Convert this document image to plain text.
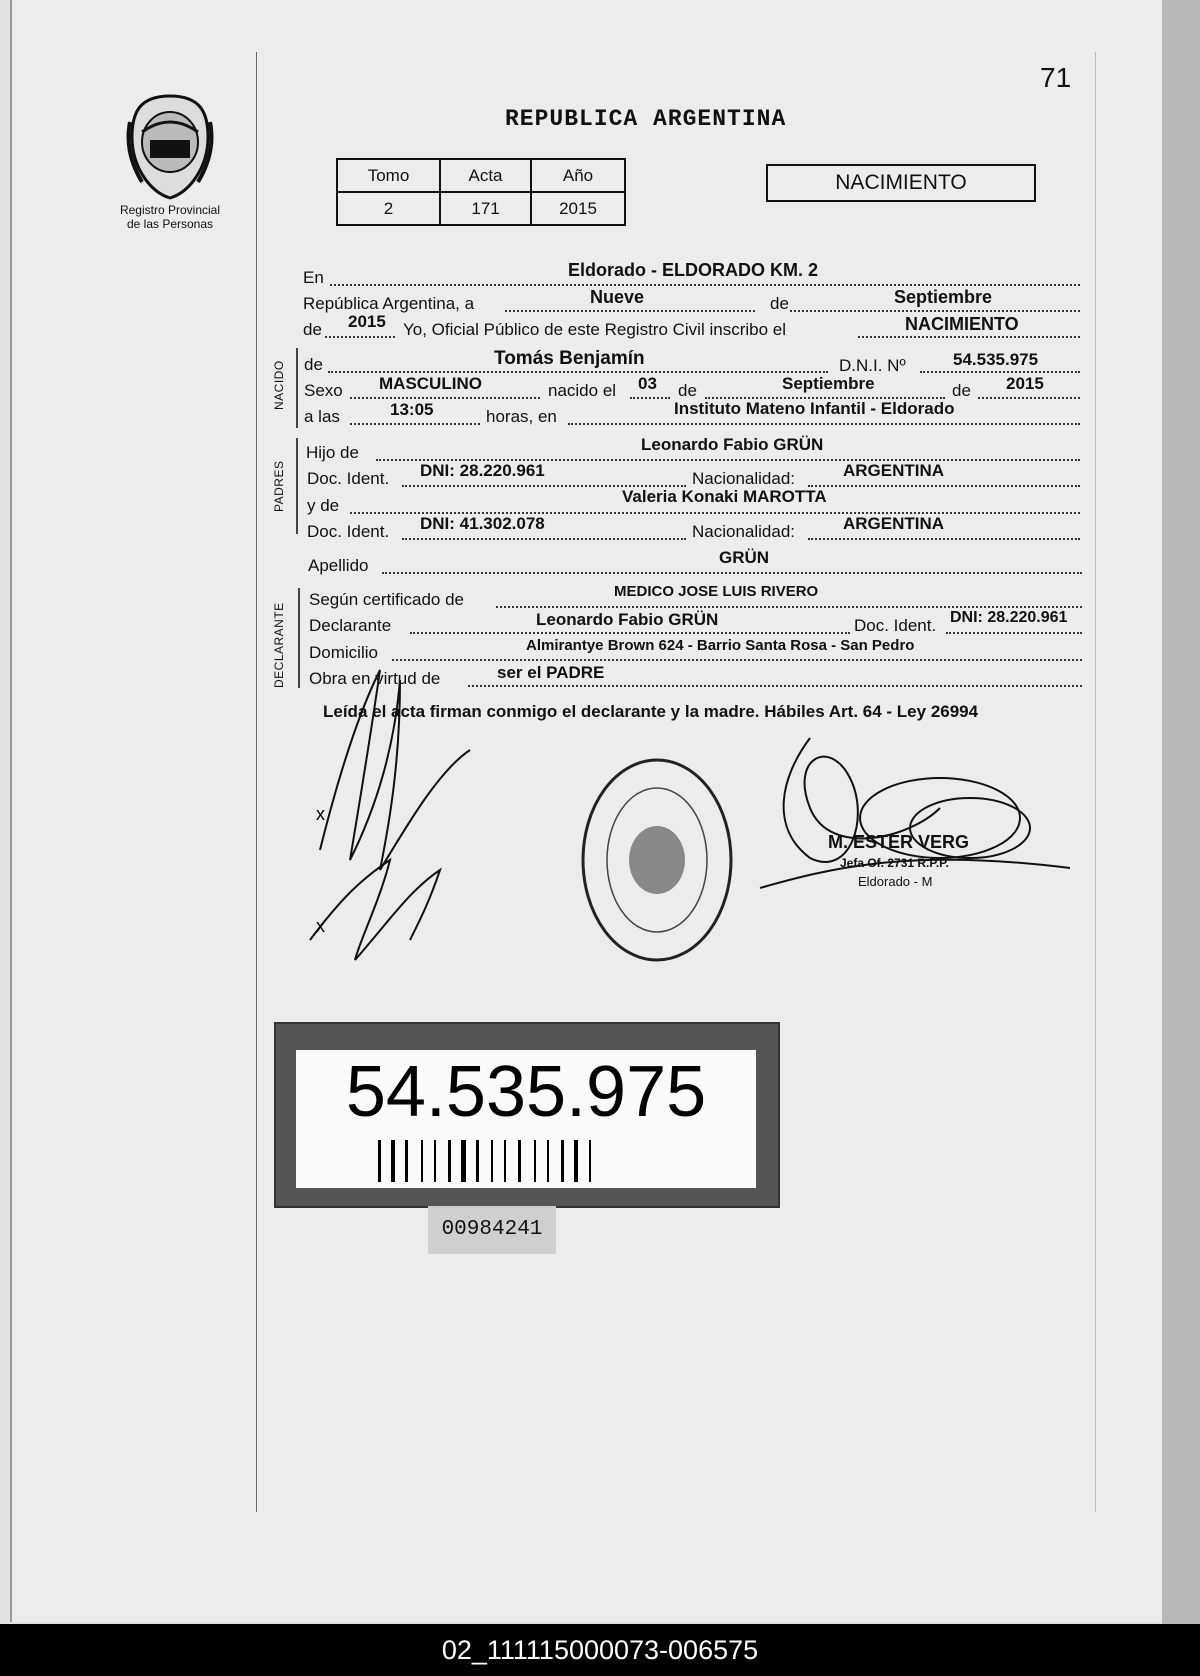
71
REPUBLICA ARGENTINA
Registro Provincial
de las Personas
Tomo	Acta	Año
2	171	2015
NACIMIENTO
En	Eldorado - ELDORADO KM. 2
República Argentina, a	Nueve	de	Septiembre
de 2015 Yo, Oficial Público de este Registro Civil inscribo el	NACIMIENTO
NACIDO de	Tomás Benjamín	D.N.I. Nº	54.535.975
Sexo MASCULINO	nacido el 03 de	Septiembre	de 2015
a las	13:05	horas, en	Instituto Mateno Infantil - Eldorado
PADRES
Hijo de	Leonardo Fabio GRÜN
Doc. Ident. DNI: 28.220.961	Nacionalidad:	ARGENTINA
y de	Valeria Konaki MAROTTA
Doc. Ident. DNI: 41.302.078	Nacionalidad:	ARGENTINA
Apellido	GRÜN
DECLARANTE
Según certificado de	MEDICO JOSE LUIS RIVERO
Declarante	Leonardo Fabio GRÜN	Doc. Ident. DNI: 28.220.961
Domicilio	Almirantye Brown 624 - Barrio Santa Rosa - San Pedro
Obra en virtud de	ser el PADRE
Leída el acta firman conmigo el declarante y la madre. Hábiles Art. 64 - Ley 26994
x
x
M. ESTER VERG
Jefa Of. 2731 R.P.P.
Eldorado - M
54.535.975
00984241
02_111115000073-006575
